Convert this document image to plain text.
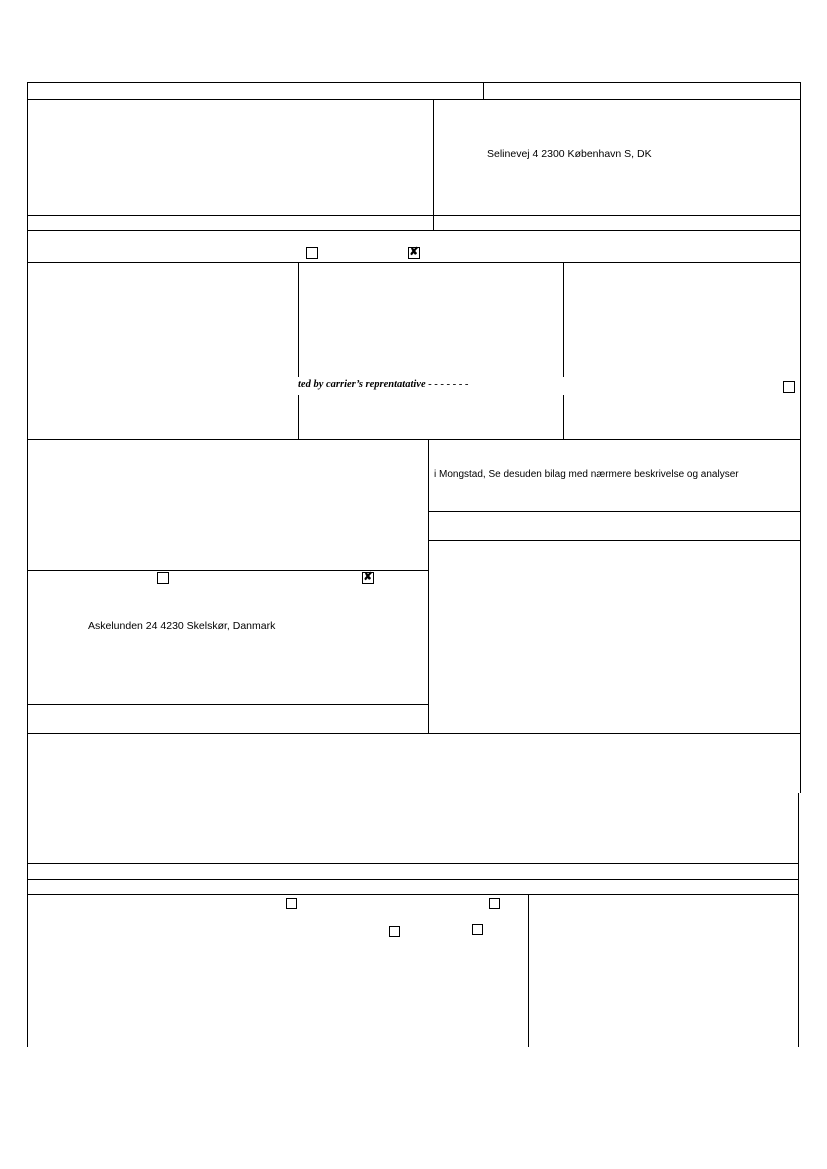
Selinevej 4 2300 København S, DK
ted by carrier’s reprentatative - - - - - - -
i Mongstad, Se desuden bilag med nærmere beskrivelse og analyser
Askelunden 24 4230 Skelskør, Danmark
✘
✘
